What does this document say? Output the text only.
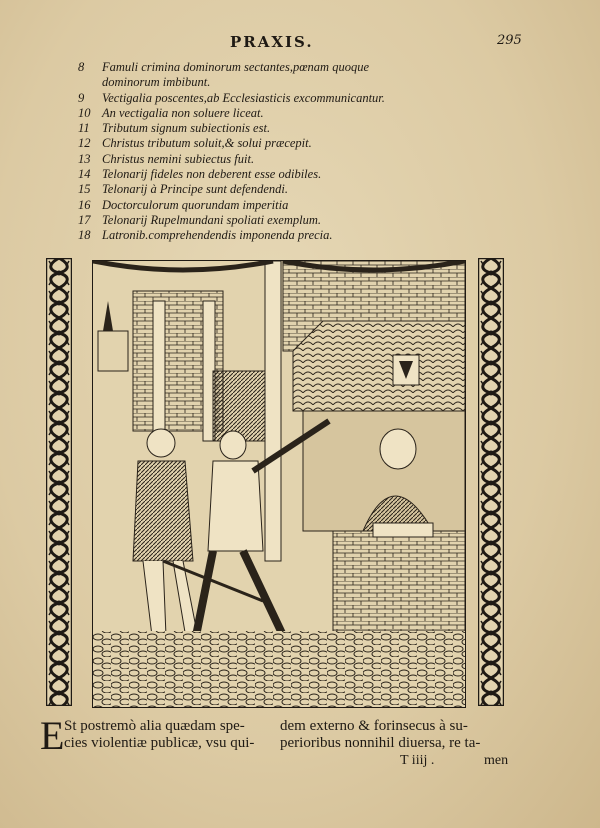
PRAXIS.	295
8	Famuli crimina dominorum sectantes,pœnam quoque
dominorum imbibunt.
9	Vectigalia poscentes,ab Ecclesiasticis excommunicantur.
10 An vectigalia non soluere liceat.
11 Tributum signum subiectionis est.
12 Christus tributum soluit,& solui præcepit.
13 Christus nemini subiectus fuit.
14 Telonarij fideles non deberent esse odibiles.
15 Telonarij à Principe sunt defendendi.
16 Doctorculorum quorundam imperitia
17 Telonarij Rupelmundani spoliati exemplum.
18 Latronib.comprehendendis imponenda precia.
E St postremò alia quædam spe-
cies violentiæ publicæ, vsu qui-
dem externo & forinsecus à su-
perioribus nonnihil diuersa, re ta-
T iiij .	men
